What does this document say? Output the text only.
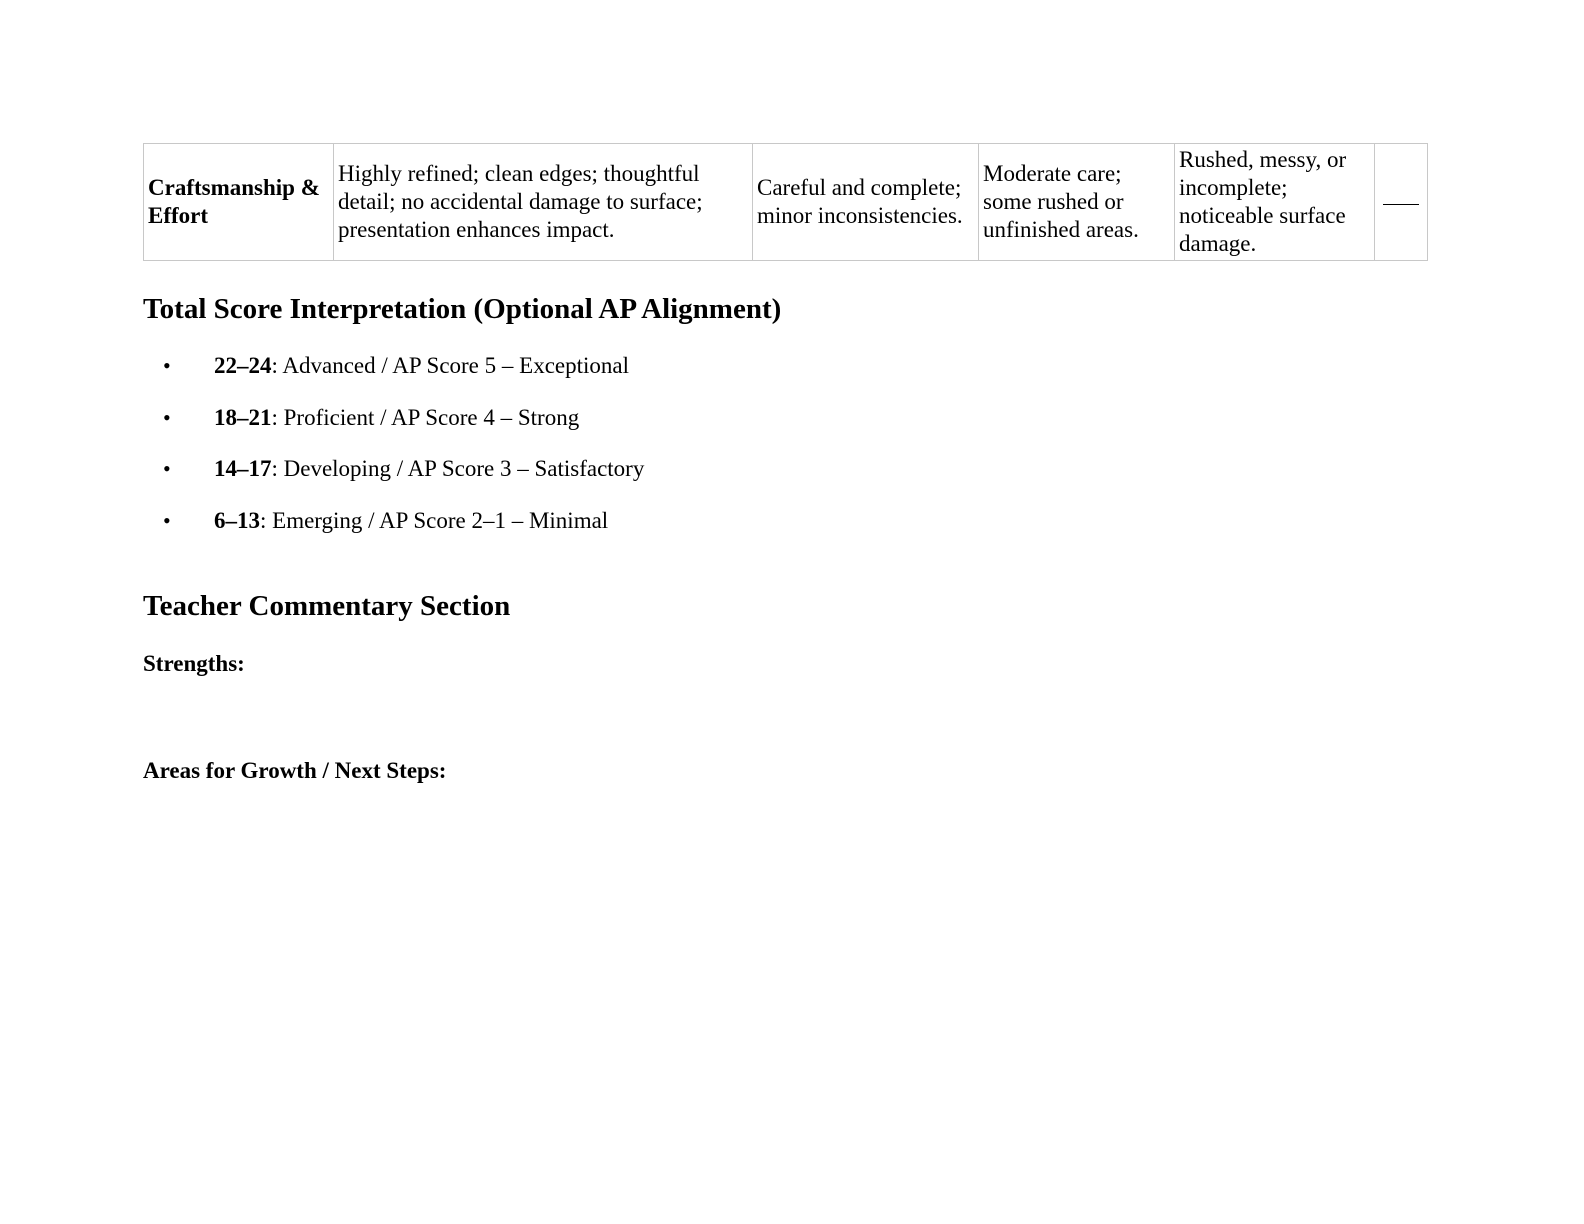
Craftsmanship & Effort	Highly refined; clean edges; thoughtful detail; no accidental damage to surface; presentation enhances impact.	Careful and complete; minor inconsistencies.	Moderate care; some rushed or unfinished areas.	Rushed, messy, or incomplete; noticeable surface damage.	
Total Score Interpretation (Optional AP Alignment)
• 22–24: Advanced / AP Score 5 – Exceptional
• 18–21: Proficient / AP Score 4 – Strong
• 14–17: Developing / AP Score 3 – Satisfactory
• 6–13: Emerging / AP Score 2–1 – Minimal
Teacher Commentary Section

Strengths:

Areas for Growth / Next Steps:
